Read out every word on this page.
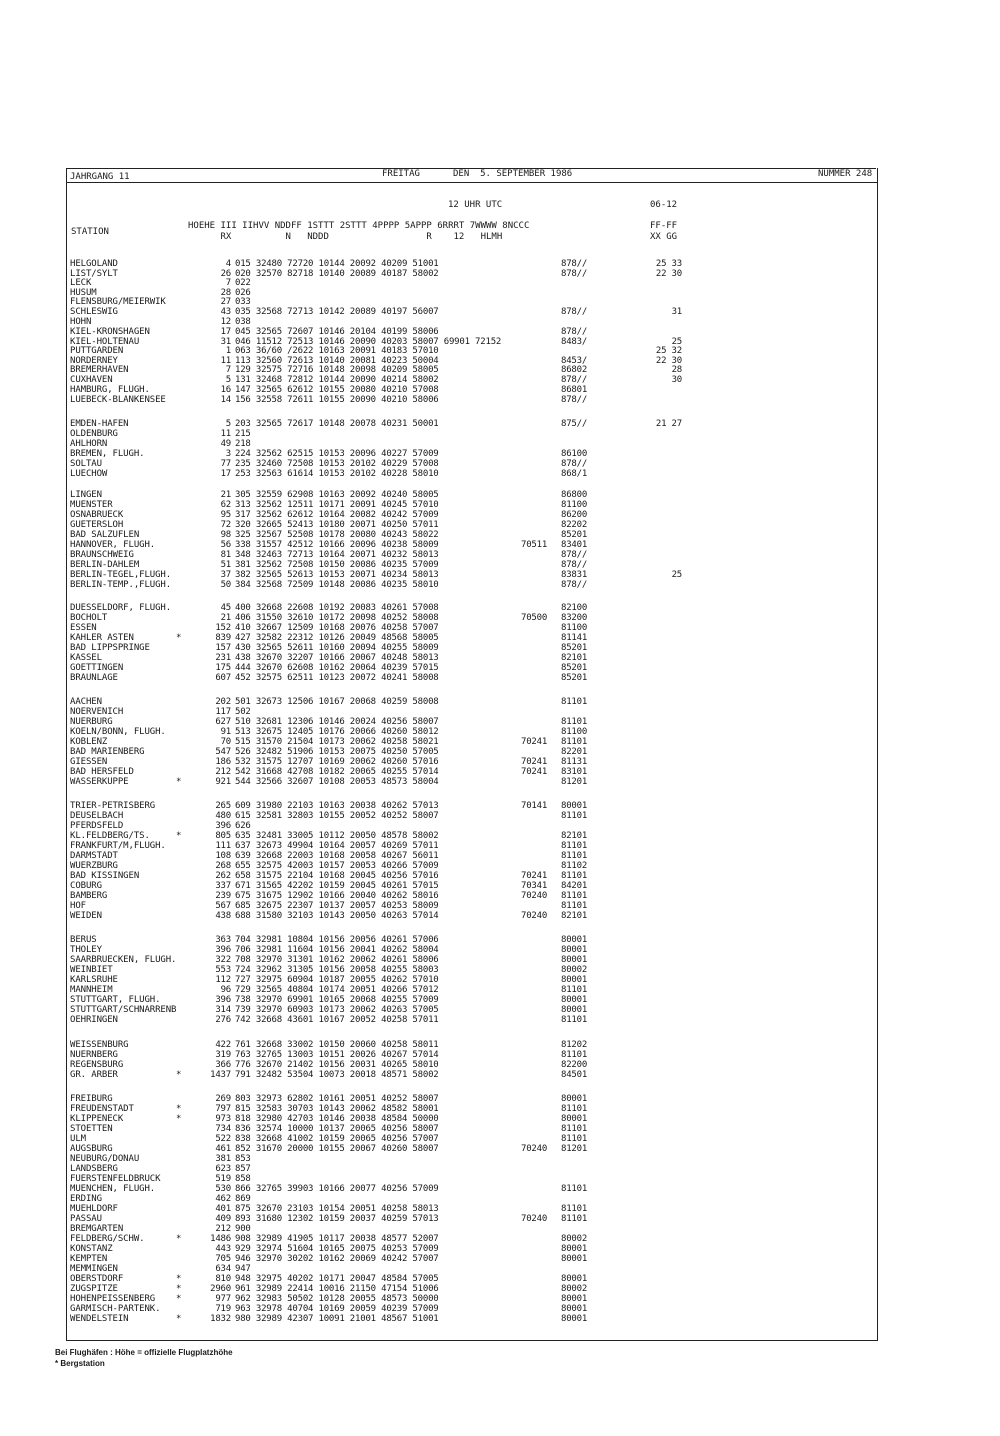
JAHRGANG 11	FREITAG	DEN  5. SEPTEMBER 1986	NUMMER 248
12 UHR UTC	06-12
STATION
HOEHE III IIHVV NDDFF 1STTT 2STTT 4PPPP 5APPP 6RRRT 7WWWW 8NCCC
RX          N   NDDD                  R    12   HLMH
FF-FF
XX GG
HELGOLAND	4 015 32480 72720 10144 20092 40209 51001	878//	25 33
LIST/SYLT	26 020 32570 82718 10140 20089 40187 58002	878//	22 30
LECK	7 022
HUSUM	28 026
FLENSBURG/MEIERWIK	27 033
SCHLESWIG	43 035 32568 72713 10142 20089 40197 56007	878//	31
HOHN	12 038
KIEL-KRONSHAGEN	17 045 32565 72607 10146 20104 40199 58006	878//
KIEL-HOLTENAU	31 046 11512 72513 10146 20090 40203 58007 69901 72152	8483/	25
PUTTGARDEN	1 063 36/60 /2622 10163 20091 40183 57010	25 32
NORDERNEY	11 113 32560 72613 10140 20081 40223 50004	8453/	22 30
BREMERHAVEN	7 129 32575 72716 10148 20098 40209 58005	86802	28
CUXHAVEN	5 131 32468 72812 10144 20090 40214 58002	878//	30
HAMBURG, FLUGH.	16 147 32565 62612 10155 20080 40210 57008	86801
LUEBECK-BLANKENSEE	14 156 32558 72611 10155 20090 40210 58006	878//
EMDEN-HAFEN	5 203 32565 72617 10148 20078 40231 50001	875//	21 27
OLDENBURG	11 215
AHLHORN	49 218
BREMEN, FLUGH.	3 224 32562 62515 10153 20096 40227 57009	86100
SOLTAU	77 235 32460 72508 10153 20102 40229 57008	878//
LUECHOW	17 253 32563 61614 10153 20102 40228 58010	868/1
LINGEN	21 305 32559 62908 10163 20092 40240 58005	86800
MUENSTER	62 313 32562 12511 10171 20091 40245 57010	81100
OSNABRUECK	95 317 32562 62612 10164 20082 40242 57009	86200
GUETERSLOH	72 320 32665 52413 10180 20071 40250 57011	82202
BAD SALZUFLEN	98 325 32567 52508 10178 20080 40243 58022	85201
HANNOVER, FLUGH.	56 338 31557 42512 10166 20096 40238 58009	70511 83401
BRAUNSCHWEIG	81 348 32463 72713 10164 20071 40232 58013	878//
BERLIN-DAHLEM	51 381 32562 72508 10150 20086 40235 57009	878//
BERLIN-TEGEL,FLUGH.	37 382 32565 52613 10153 20071 40234 58013	83831	25
BERLIN-TEMP.,FLUGH.	50 384 32568 72509 10148 20086 40235 58010	878//
DUESSELDORF, FLUGH.	45 400 32668 22608 10192 20083 40261 57008	82100
BOCHOLT	21 406 31550 32610 10172 20098 40252 58008	70500 83200
ESSEN	152 410 32667 12509 10168 20076 40258 57007	81100
KAHLER ASTEN	*	839 427 32582 22312 10126 20049 48568 58005	81141
BAD LIPPSPRINGE	157 430 32565 52611 10160 20094 40255 58009	85201
KASSEL	231 438 32670 32207 10166 20067 40248 58013	82101
GOETTINGEN	175 444 32670 62608 10162 20064 40239 57015	85201
BRAUNLAGE	607 452 32575 62511 10123 20072 40241 58008	85201
AACHEN	202 501 32673 12506 10167 20068 40259 58008	81101
NOERVENICH	117 502
NUERBURG	627 510 32681 12306 10146 20024 40256 58007	81101
KOELN/BONN, FLUGH.	91 513 32675 12405 10176 20066 40260 58012	81100
KOBLENZ	70 515 31570 21504 10173 20062 40258 58021	70241 81101
BAD MARIENBERG	547 526 32482 51906 10153 20075 40250 57005	82201
GIESSEN	186 532 31575 12707 10169 20062 40260 57016	70241 81131
BAD HERSFELD	212 542 31668 42708 10182 20065 40255 57014	70241 83101
WASSERKUPPE	*	921 544 32566 32607 10108 20053 48573 58004	81201
TRIER-PETRISBERG	265 609 31980 22103 10163 20038 40262 57013	70141 80001
DEUSELBACH	480 615 32581 32803 10155 20052 40252 58007	81101
PFERDSFELD	396 626
KL.FELDBERG/TS.	*	805 635 32481 33005 10112 20050 48578 58002	82101
FRANKFURT/M,FLUGH.	111 637 32673 49904 10164 20057 40269 57011	81101
DARMSTADT	108 639 32668 22003 10168 20058 40267 56011	81101
WUERZBURG	268 655 32575 42003 10157 20053 40266 57009	81102
BAD KISSINGEN	262 658 31575 22104 10168 20045 40256 57016	70241 81101
COBURG	337 671 31565 42202 10159 20045 40261 57015	70341 84201
BAMBERG	239 675 31675 12902 10166 20040 40262 58016	70240 81101
HOF	567 685 32675 22307 10137 20057 40253 58009	81101
WEIDEN	438 688 31580 32103 10143 20050 40263 57014	70240 82101
BERUS	363 704 32981 10804 10156 20056 40261 57006	80001
THOLEY	396 706 32981 11604 10156 20041 40262 58004	80001
SAARBRUECKEN, FLUGH.	322 708 32970 31301 10162 20062 40261 58006	80001
WEINBIET	553 724 32962 31305 10156 20058 40255 58003	80002
KARLSRUHE	112 727 32975 60904 10187 20055 40262 57010	80001
MANNHEIM	96 729 32565 40804 10174 20051 40266 57012	81101
STUTTGART, FLUGH.	396 738 32970 69901 10165 20068 40255 57009	80001
STUTTGART/SCHNARRENB	314 739 32970 60903 10173 20062 40263 57005	80001
OEHRINGEN	276 742 32668 43601 10167 20052 40258 57011	81101
WEISSENBURG	422 761 32668 33002 10150 20060 40258 58011	81202
NUERNBERG	319 763 32765 13003 10151 20026 40267 57014	81101
REGENSBURG	366 776 32670 21402 10156 20031 40265 58010	82200
GR. ARBER	*	1437 791 32482 53504 10073 20018 48571 58002	84501
FREIBURG	269 803 32973 62802 10161 20051 40252 58007	80001
FREUDENSTADT	*	797 815 32583 30703 10143 20062 48582 58001	81101
KLIPPENECK	*	973 818 32980 42703 10146 20038 48584 50000	80001
STOETTEN	734 836 32574 10000 10137 20065 40256 58007	81101
ULM	522 838 32668 41002 10159 20065 40256 57007	81101
AUGSBURG	461 852 31670 20000 10155 20067 40260 58007	70240 81201
NEUBURG/DONAU	381 853
LANDSBERG	623 857
FUERSTENFELDBRUCK	519 858
MUENCHEN, FLUGH.	530 866 32765 39903 10166 20077 40256 57009	81101
ERDING	462 869
MUEHLDORF	401 875 32670 23103 10154 20051 40258 58013	81101
PASSAU	409 893 31680 12302 10159 20037 40259 57013	70240 81101
BREMGARTEN	212 900
FELDBERG/SCHW.	*	1486 908 32989 41905 10117 20038 48577 52007	80002
KONSTANZ	443 929 32974 51604 10165 20075 40253 57009	80001
KEMPTEN	705 946 32970 30202 10162 20069 40242 57007	80001
MEMMINGEN	634 947
OBERSTDORF	*	810 948 32975 40202 10171 20047 48584 57005	80001
ZUGSPITZE	*	2960 961 32989 22414 10016 21150 47154 51006	80002
HOHENPEISSENBERG *	977 962 32983 50502 10128 20055 48573 50000	80001
GARMISCH-PARTENK.	719 963 32978 40704 10169 20059 40239 57009	80001
WENDELSTEIN	*	1832 980 32989 42307 10091 21001 48567 51001	80001
Bei Flughäfen : Höhe = offizielle Flugplatzhöhe
* Bergstation
